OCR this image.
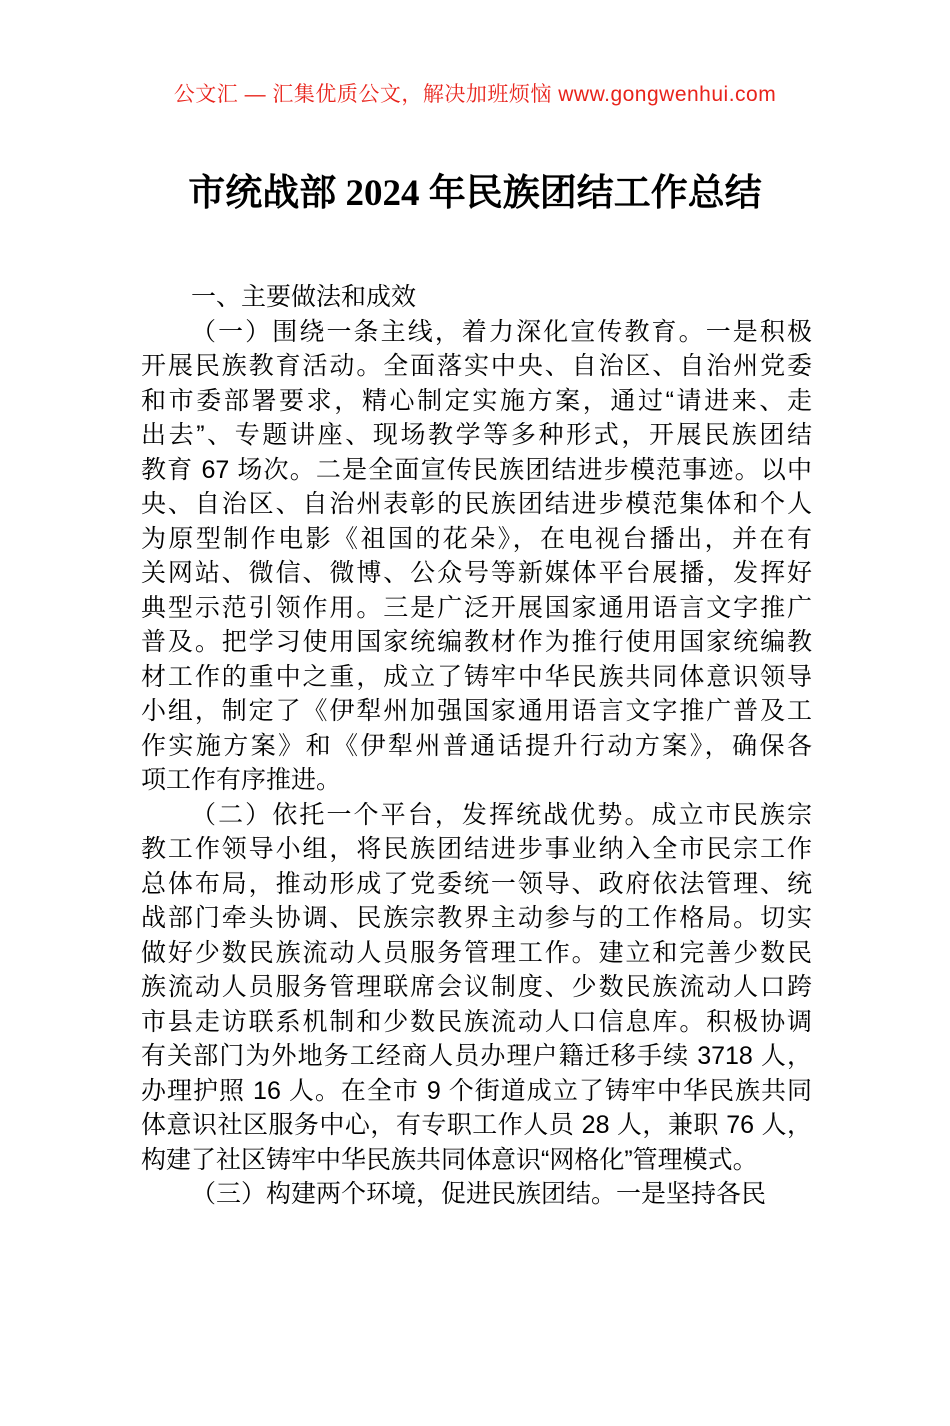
公文汇 — 汇集优质公文，解决加班烦恼 www.gongwenhui.com
市统战部 2024 年民族团结工作总结
一、主要做法和成效
（一）围绕一条主线，着力深化宣传教育。一是积极
开展民族教育活动。全面落实中央、自治区、自治州党委
和市委部署要求，精心制定实施方案，通过“请进来、走
出去”、专题讲座、现场教学等多种形式，开展民族团结
教育 67 场次。二是全面宣传民族团结进步模范事迹。以中
央、自治区、自治州表彰的民族团结进步模范集体和个人
为原型制作电影《祖国的花朵》，在电视台播出，并在有
关网站、微信、微博、公众号等新媒体平台展播，发挥好
典型示范引领作用。三是广泛开展国家通用语言文字推广
普及。把学习使用国家统编教材作为推行使用国家统编教
材工作的重中之重，成立了铸牢中华民族共同体意识领导
小组，制定了《伊犁州加强国家通用语言文字推广普及工
作实施方案》和《伊犁州普通话提升行动方案》，确保各
项工作有序推进。
（二）依托一个平台，发挥统战优势。成立市民族宗
教工作领导小组，将民族团结进步事业纳入全市民宗工作
总体布局，推动形成了党委统一领导、政府依法管理、统
战部门牵头协调、民族宗教界主动参与的工作格局。切实
做好少数民族流动人员服务管理工作。建立和完善少数民
族流动人员服务管理联席会议制度、少数民族流动人口跨
市县走访联系机制和少数民族流动人口信息库。积极协调
有关部门为外地务工经商人员办理户籍迁移手续 3718 人，
办理护照 16 人。在全市 9 个街道成立了铸牢中华民族共同
体意识社区服务中心，有专职工作人员 28 人，兼职 76 人，
构建了社区铸牢中华民族共同体意识“网格化”管理模式。
（三）构建两个环境，促进民族团结。一是坚持各民
